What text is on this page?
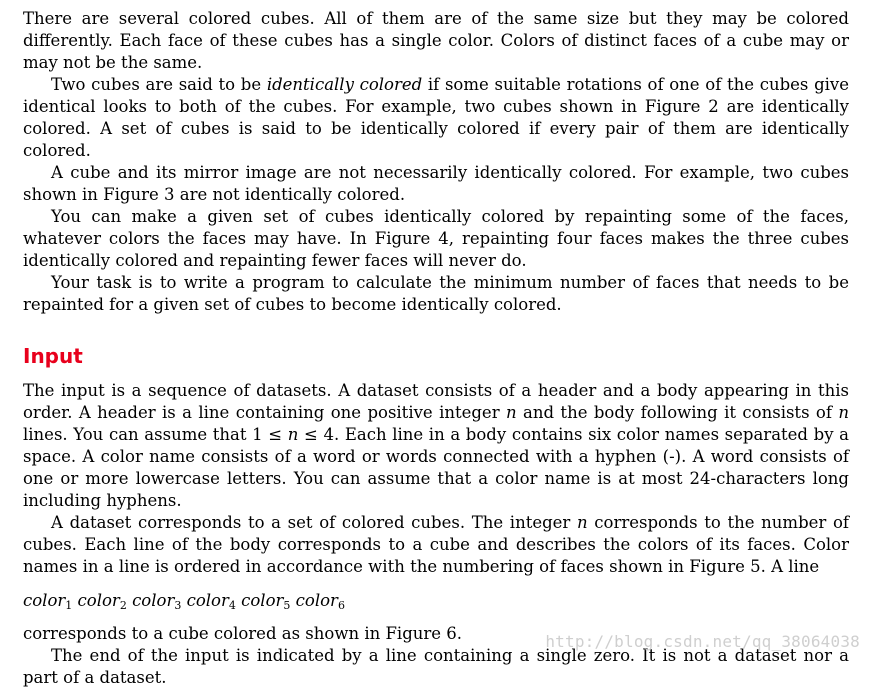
There are several colored cubes. All of them are of the same size but they may be colored differently. Each face of these cubes has a single color. Colors of distinct faces of a cube may or may not be the same.

Two cubes are said to be identically colored if some suitable rotations of one of the cubes give identical looks to both of the cubes. For example, two cubes shown in Figure 2 are identically colored. A set of cubes is said to be identically colored if every pair of them are identically colored.

A cube and its mirror image are not necessarily identically colored. For example, two cubes shown in Figure 3 are not identically colored.

You can make a given set of cubes identically colored by repainting some of the faces, whatever colors the faces may have. In Figure 4, repainting four faces makes the three cubes identically colored and repainting fewer faces will never do.

Your task is to write a program to calculate the minimum number of faces that needs to be repainted for a given set of cubes to become identically colored.

Input

The input is a sequence of datasets. A dataset consists of a header and a body appearing in this order. A header is a line containing one positive integer n and the body following it consists of n lines. You can assume that 1 ≤ n ≤ 4. Each line in a body contains six color names separated by a space. A color name consists of a word or words connected with a hyphen (-). A word consists of one or more lowercase letters. You can assume that a color name is at most 24-characters long including hyphens.

A dataset corresponds to a set of colored cubes. The integer n corresponds to the number of cubes. Each line of the body corresponds to a cube and describes the colors of its faces. Color names in a line is ordered in accordance with the numbering of faces shown in Figure 5. A line

color$_1$ color$_2$ color$_3$ color$_4$ color$_5$ color$_6$

corresponds to a cube colored as shown in Figure 6.

The end of the input is indicated by a line containing a single zero. It is not a dataset nor a part of a dataset.

http://blog.csdn.net/qq_38064038
